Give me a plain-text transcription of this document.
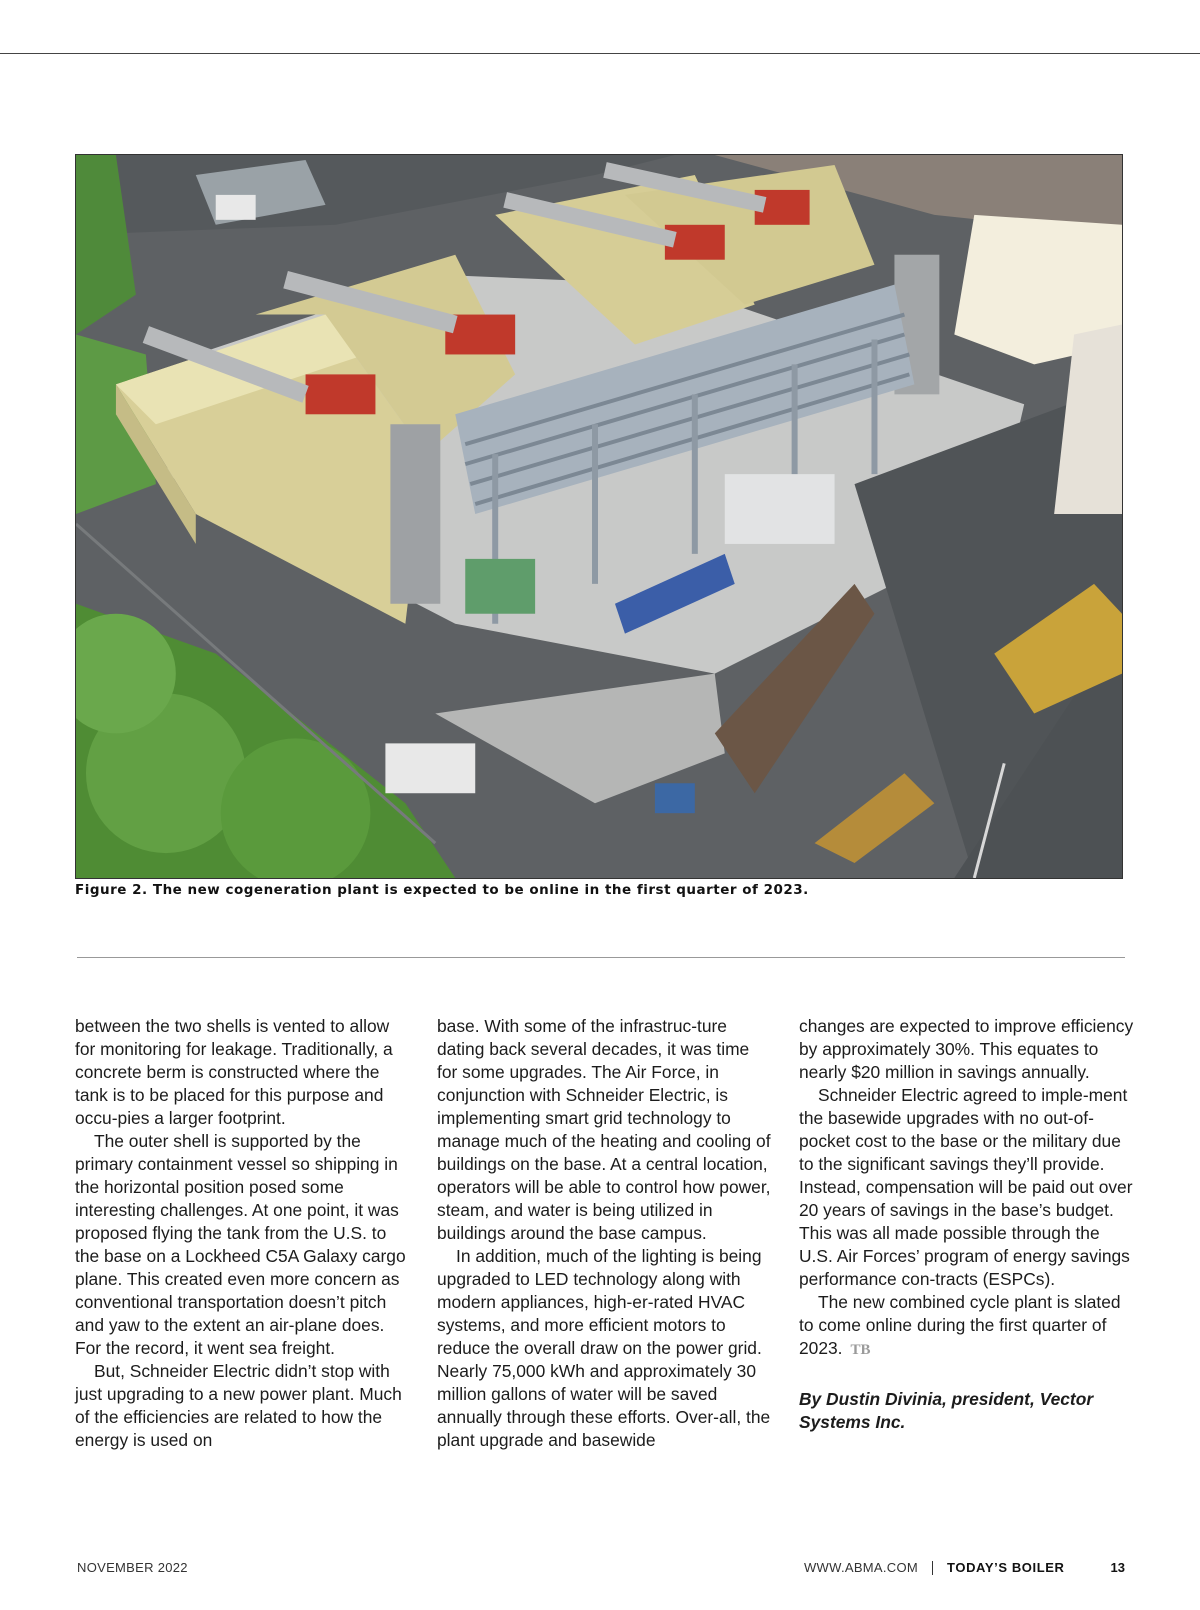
Figure 2. The new cogeneration plant is expected to be online in the first quarter of 2023.

between the two shells is vented to allow for monitoring for leakage. Traditionally, a concrete berm is constructed where the tank is to be placed for this purpose and occu-pies a larger footprint.

The outer shell is supported by the primary containment vessel so shipping in the horizontal position posed some interesting challenges. At one point, it was proposed flying the tank from the U.S. to the base on a Lockheed C5A Galaxy cargo plane. This created even more concern as conventional transportation doesn’t pitch and yaw to the extent an air-plane does. For the record, it went sea freight.

But, Schneider Electric didn’t stop with just upgrading to a new power plant. Much of the efficiencies are related to how the energy is used on

base. With some of the infrastruc-ture dating back several decades, it was time for some upgrades. The Air Force, in conjunction with Schneider Electric, is implementing smart grid technology to manage much of the heating and cooling of buildings on the base. At a central location, operators will be able to control how power, steam, and water is being utilized in buildings around the base campus.

In addition, much of the lighting is being upgraded to LED technology along with modern appliances, high-er-rated HVAC systems, and more efficient motors to reduce the overall draw on the power grid. Nearly 75,000 kWh and approximately 30 million gallons of water will be saved annually through these efforts. Over-all, the plant upgrade and basewide

changes are expected to improve efficiency by approximately 30%. This equates to nearly $20 million in savings annually.

Schneider Electric agreed to imple-ment the basewide upgrades with no out-of-pocket cost to the base or the military due to the significant savings they’ll provide. Instead, compensation will be paid out over 20 years of savings in the base’s budget. This was all made possible through the U.S. Air Forces’ program of energy savings performance con-tracts (ESPCs).

The new combined cycle plant is slated to come online during the first quarter of 2023. TB

By Dustin Divinia, president, Vector Systems Inc.

NOVEMBER 2022	WWW.ABMA.COM TODAY’S BOILER	13
